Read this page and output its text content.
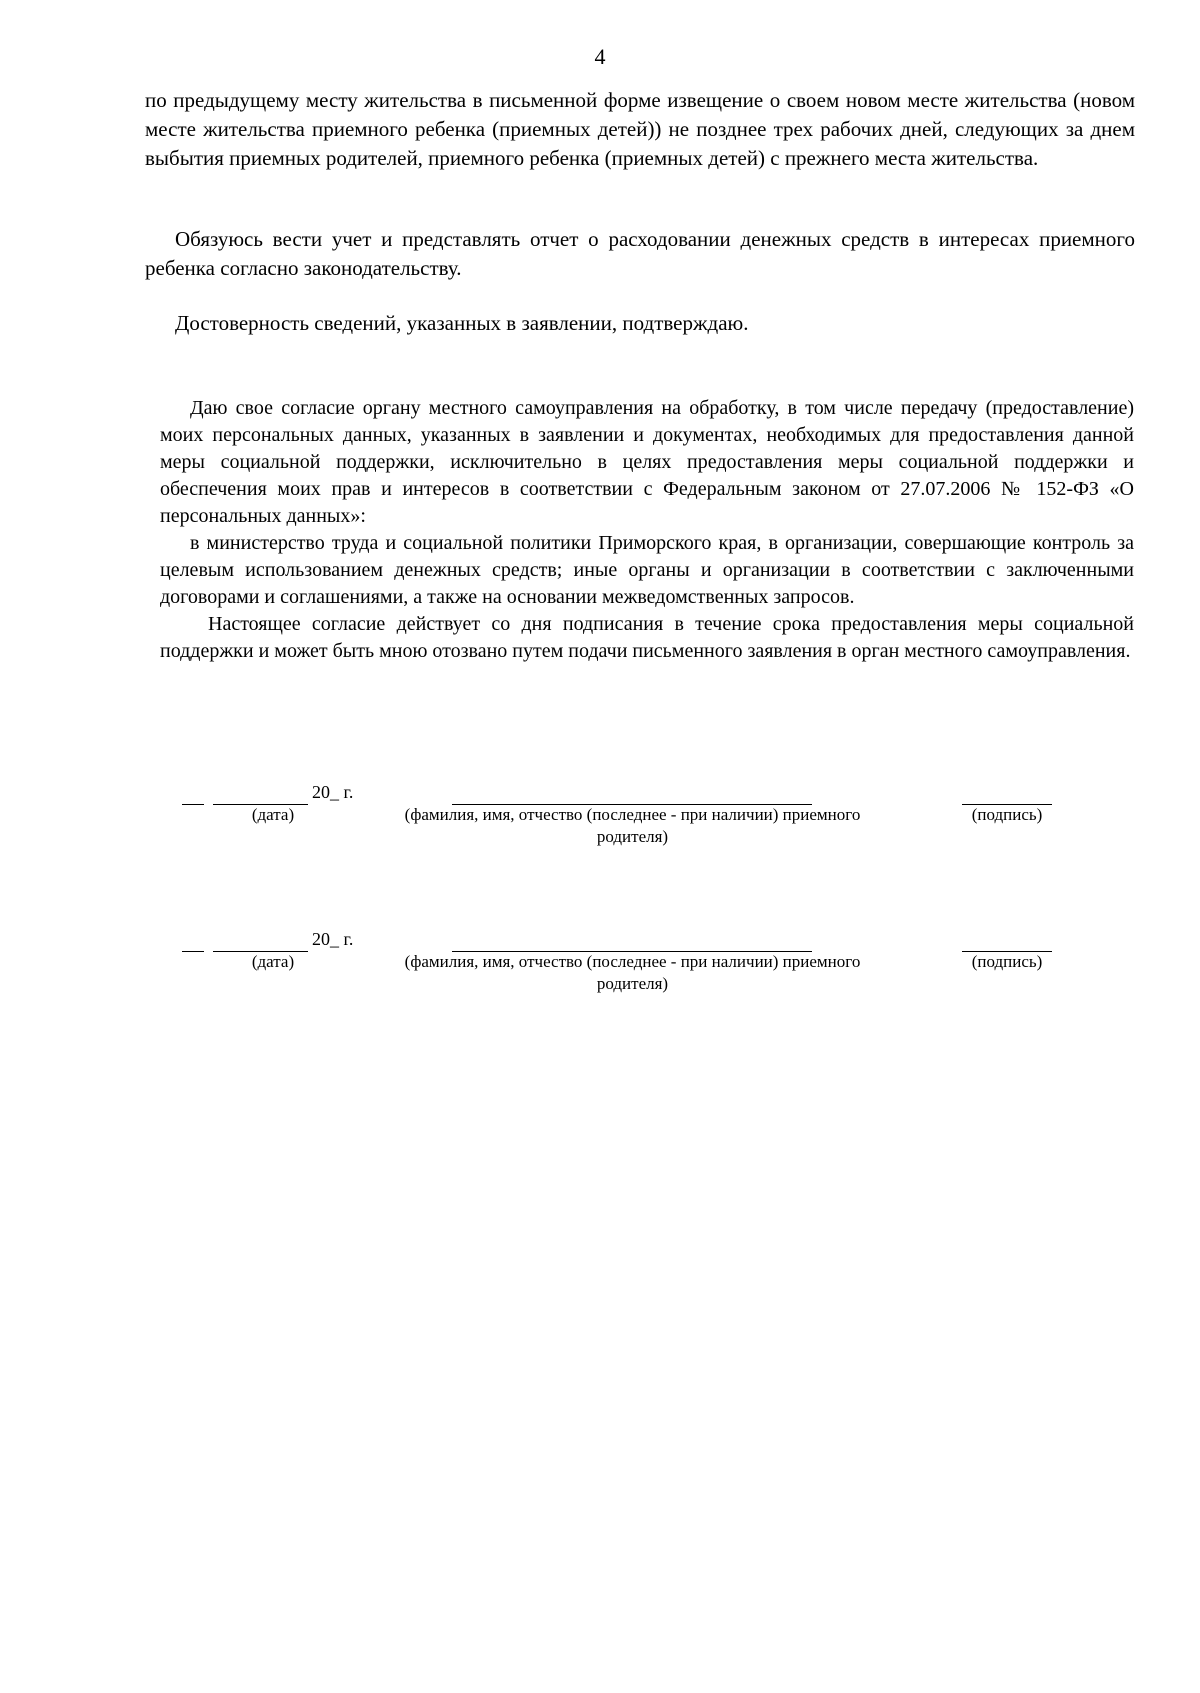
4

по предыдущему месту жительства в письменной форме извещение о своем новом месте жительства (новом месте жительства приемного ребенка (приемных детей)) не позднее трех рабочих дней, следующих за днем выбытия приемных родителей, приемного ребенка (приемных детей) с прежнего места жительства.

Обязуюсь вести учет и представлять отчет о расходовании денежных средств в интересах приемного ребенка согласно законодательству.

Достоверность сведений, указанных в заявлении, подтверждаю.

Даю свое согласие органу местного самоуправления на обработку, в том числе передачу (предоставление) моих персональных данных, указанных в заявлении и документах, необходимых для предоставления данной меры социальной поддержки, исключительно в целях предоставления меры социальной поддержки и обеспечения моих прав и интересов в соответствии с Федеральным законом от 27.07.2006 № 152-ФЗ «О персональных данных»:

в министерство труда и социальной политики Приморского края, в организации, совершающие контроль за целевым использованием денежных средств; иные органы и организации в соответствии с заключенными договорами и соглашениями, а также на основании межведомственных запросов.

Настоящее согласие действует со дня подписания в течение срока предоставления меры социальной поддержки и может быть мною отозвано путем подачи письменного заявления в орган местного самоуправления.

20_ г.
(дата)	(фамилия, имя, отчество (последнее - при наличии) приемного родителя)
(подпись)
20_ г.
(дата)	(фамилия, имя, отчество (последнее - при наличии) приемного родителя)
(подпись)
